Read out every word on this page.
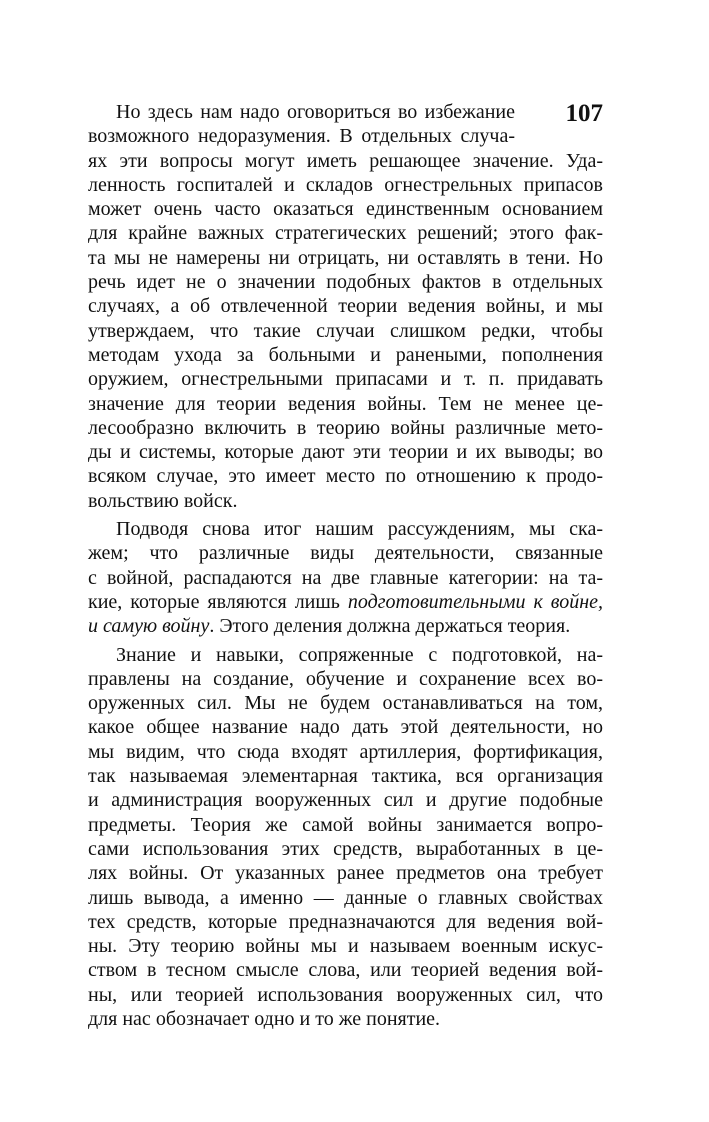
107
Но здесь нам надо оговориться во избежание
возможного недоразумения. В отдельных случа-
ях эти вопросы могут иметь решающее значение. Уда-
ленность госпиталей и складов огнестрельных припасов
может очень часто оказаться единственным основанием
для крайне важных стратегических решений; этого фак-
та мы не намерены ни отрицать, ни оставлять в тени. Но
речь идет не о значении подобных фактов в отдельных
случаях, а об отвлеченной теории ведения войны, и мы
утверждаем, что такие случаи слишком редки, чтобы
методам ухода за больными и ранеными, пополнения
оружием, огнестрельными припасами и т. п. придавать
значение для теории ведения войны. Тем не менее це-
лесообразно включить в теорию войны различные мето-
ды и системы, которые дают эти теории и их выводы; во
всяком случае, это имеет место по отношению к продо-
вольствию войск.
Подводя снова итог нашим рассуждениям, мы ска-
жем; что различные виды деятельности, связанные
с войной, распадаются на две главные категории: на та-
кие, которые являются лишь подготовительными к войне,
и самую войну. Этого деления должна держаться теория.
Знание и навыки, сопряженные с подготовкой, на-
правлены на создание, обучение и сохранение всех во-
оруженных сил. Мы не будем останавливаться на том,
какое общее название надо дать этой деятельности, но
мы видим, что сюда входят артиллерия, фортификация,
так называемая элементарная тактика, вся организация
и администрация вооруженных сил и другие подобные
предметы. Теория же самой войны занимается вопро-
сами использования этих средств, выработанных в це-
лях войны. От указанных ранее предметов она требует
лишь вывода, а именно — данные о главных свойствах
тех средств, которые предназначаются для ведения вой-
ны. Эту теорию войны мы и называем военным искус-
ством в тесном смысле слова, или теорией ведения вой-
ны, или теорией использования вооруженных сил, что
для нас обозначает одно и то же понятие.
